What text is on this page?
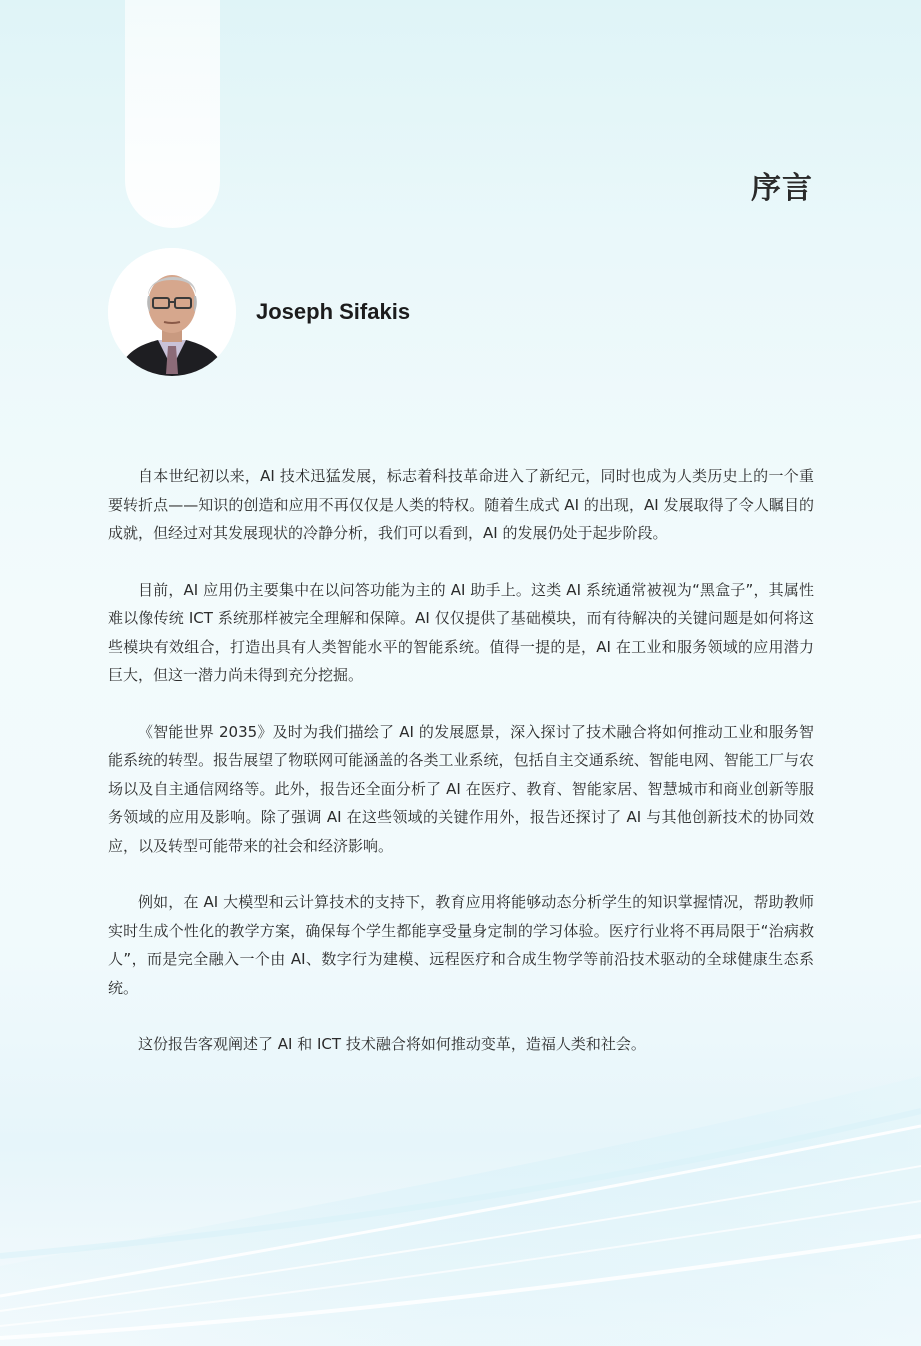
序言
Joseph Sifakis

自本世纪初以来，AI 技术迅猛发展，标志着科技革命进入了新纪元，同时也成为人类历史上的一个重要转折点——知识的创造和应用不再仅仅是人类的特权。随着生成式 AI 的出现，AI 发展取得了令人瞩目的成就，但经过对其发展现状的冷静分析，我们可以看到，AI 的发展仍处于起步阶段。

目前，AI 应用仍主要集中在以问答功能为主的 AI 助手上。这类 AI 系统通常被视为“黑盒子”，其属性难以像传统 ICT 系统那样被完全理解和保障。AI 仅仅提供了基础模块，而有待解决的关键问题是如何将这些模块有效组合，打造出具有人类智能水平的智能系统。值得一提的是，AI 在工业和服务领域的应用潜力巨大，但这一潜力尚未得到充分挖掘。

《智能世界 2035》及时为我们描绘了 AI 的发展愿景，深入探讨了技术融合将如何推动工业和服务智能系统的转型。报告展望了物联网可能涵盖的各类工业系统，包括自主交通系统、智能电网、智能工厂与农场以及自主通信网络等。此外，报告还全面分析了 AI 在医疗、教育、智能家居、智慧城市和商业创新等服务领域的应用及影响。除了强调 AI 在这些领域的关键作用外，报告还探讨了 AI 与其他创新技术的协同效应，以及转型可能带来的社会和经济影响。

例如，在 AI 大模型和云计算技术的支持下，教育应用将能够动态分析学生的知识掌握情况，帮助教师实时生成个性化的教学方案，确保每个学生都能享受量身定制的学习体验。医疗行业将不再局限于“治病救人”，而是完全融入一个由 AI、数字行为建模、远程医疗和合成生物学等前沿技术驱动的全球健康生态系统。

这份报告客观阐述了 AI 和 ICT 技术融合将如何推动变革，造福人类和社会。
